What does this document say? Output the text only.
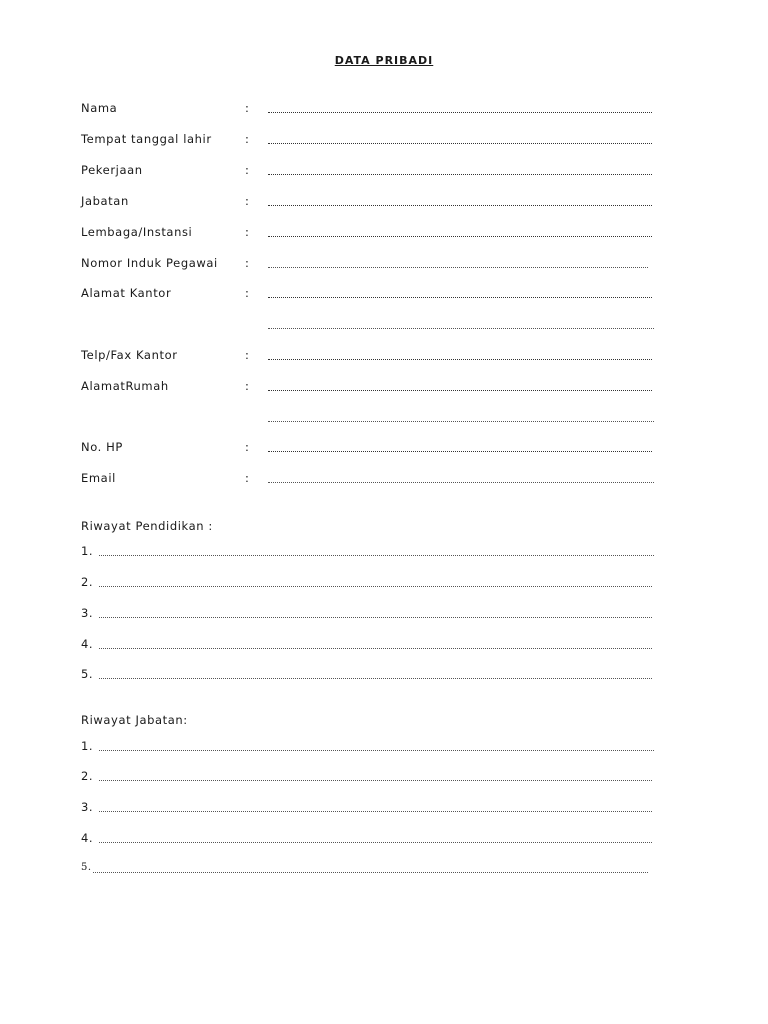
DATA PRIBADI
Nama	:
Tempat tanggal lahir	:
Pekerjaan	:
Jabatan	:
Lembaga/Instansi	:
Nomor Induk Pegawai :
Alamat Kantor	:
Telp/Fax Kantor	:
AlamatRumah	:
No. HP	:
Email	:
Riwayat Pendidikan :
1.
2.
3.
4.
5.
Riwayat Jabatan:
1.
2.
3.
4.
5.
